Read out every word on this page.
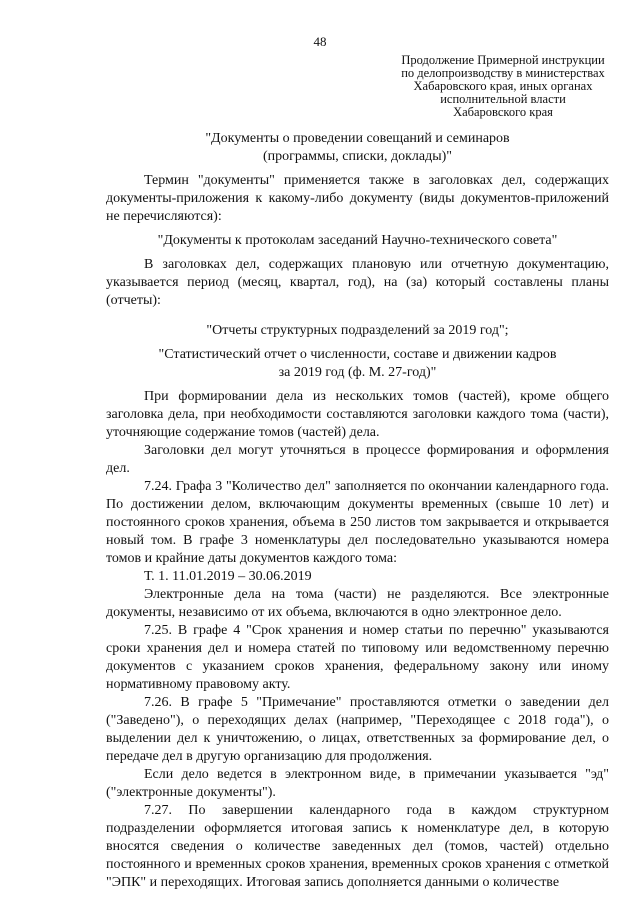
48
Продолжение Примерной инструкции
по делопроизводству в министерствах
Хабаровского края, иных органах
исполнительной власти
Хабаровского края
"Документы о проведении совещаний и семинаров
(программы, списки, доклады)"

Термин "документы" применяется также в заголовках дел, содержащих документы-приложения к какому-либо документу (виды документов-приложений не перечисляются):

"Документы к протоколам заседаний Научно-технического совета"

В заголовках дел, содержащих плановую или отчетную документацию, указывается период (месяц, квартал, год), на (за) который составлены планы (отчеты):

"Отчеты структурных подразделений за 2019 год";
"Статистический отчет о численности, составе и движении кадров
за 2019 год (ф. М. 27-год)"

При формировании дела из нескольких томов (частей), кроме общего заголовка дела, при необходимости составляются заголовки каждого тома (части), уточняющие содержание томов (частей) дела.

Заголовки дел могут уточняться в процессе формирования и оформления дел.

7.24. Графа 3 "Количество дел" заполняется по окончании календарного года. По достижении делом, включающим документы временных (свыше 10 лет) и постоянного сроков хранения, объема в 250 листов том закрывается и открывается новый том. В графе 3 номенклатуры дел последовательно указываются номера томов и крайние даты документов каждого тома:

Т. 1. 11.01.2019 – 30.06.2019

Электронные дела на тома (части) не разделяются. Все электронные документы, независимо от их объема, включаются в одно электронное дело.

7.25. В графе 4 "Срок хранения и номер статьи по перечню" указываются сроки хранения дел и номера статей по типовому или ведомственному перечню документов с указанием сроков хранения, федеральному закону или иному нормативному правовому акту.

7.26. В графе 5 "Примечание" проставляются отметки о заведении дел ("Заведено"), о переходящих делах (например, "Переходящее с 2018 года"), о выделении дел к уничтожению, о лицах, ответственных за формирование дел, о передаче дел в другую организацию для продолжения.

Если дело ведется в электронном виде, в примечании указывается "эд" ("электронные документы").

7.27. По завершении календарного года в каждом структурном подразделении оформляется итоговая запись к номенклатуре дел, в которую вносятся сведения о количестве заведенных дел (томов, частей) отдельно постоянного и временных сроков хранения, временных сроков хранения с отметкой "ЭПК" и переходящих. Итоговая запись дополняется данными о количестве
